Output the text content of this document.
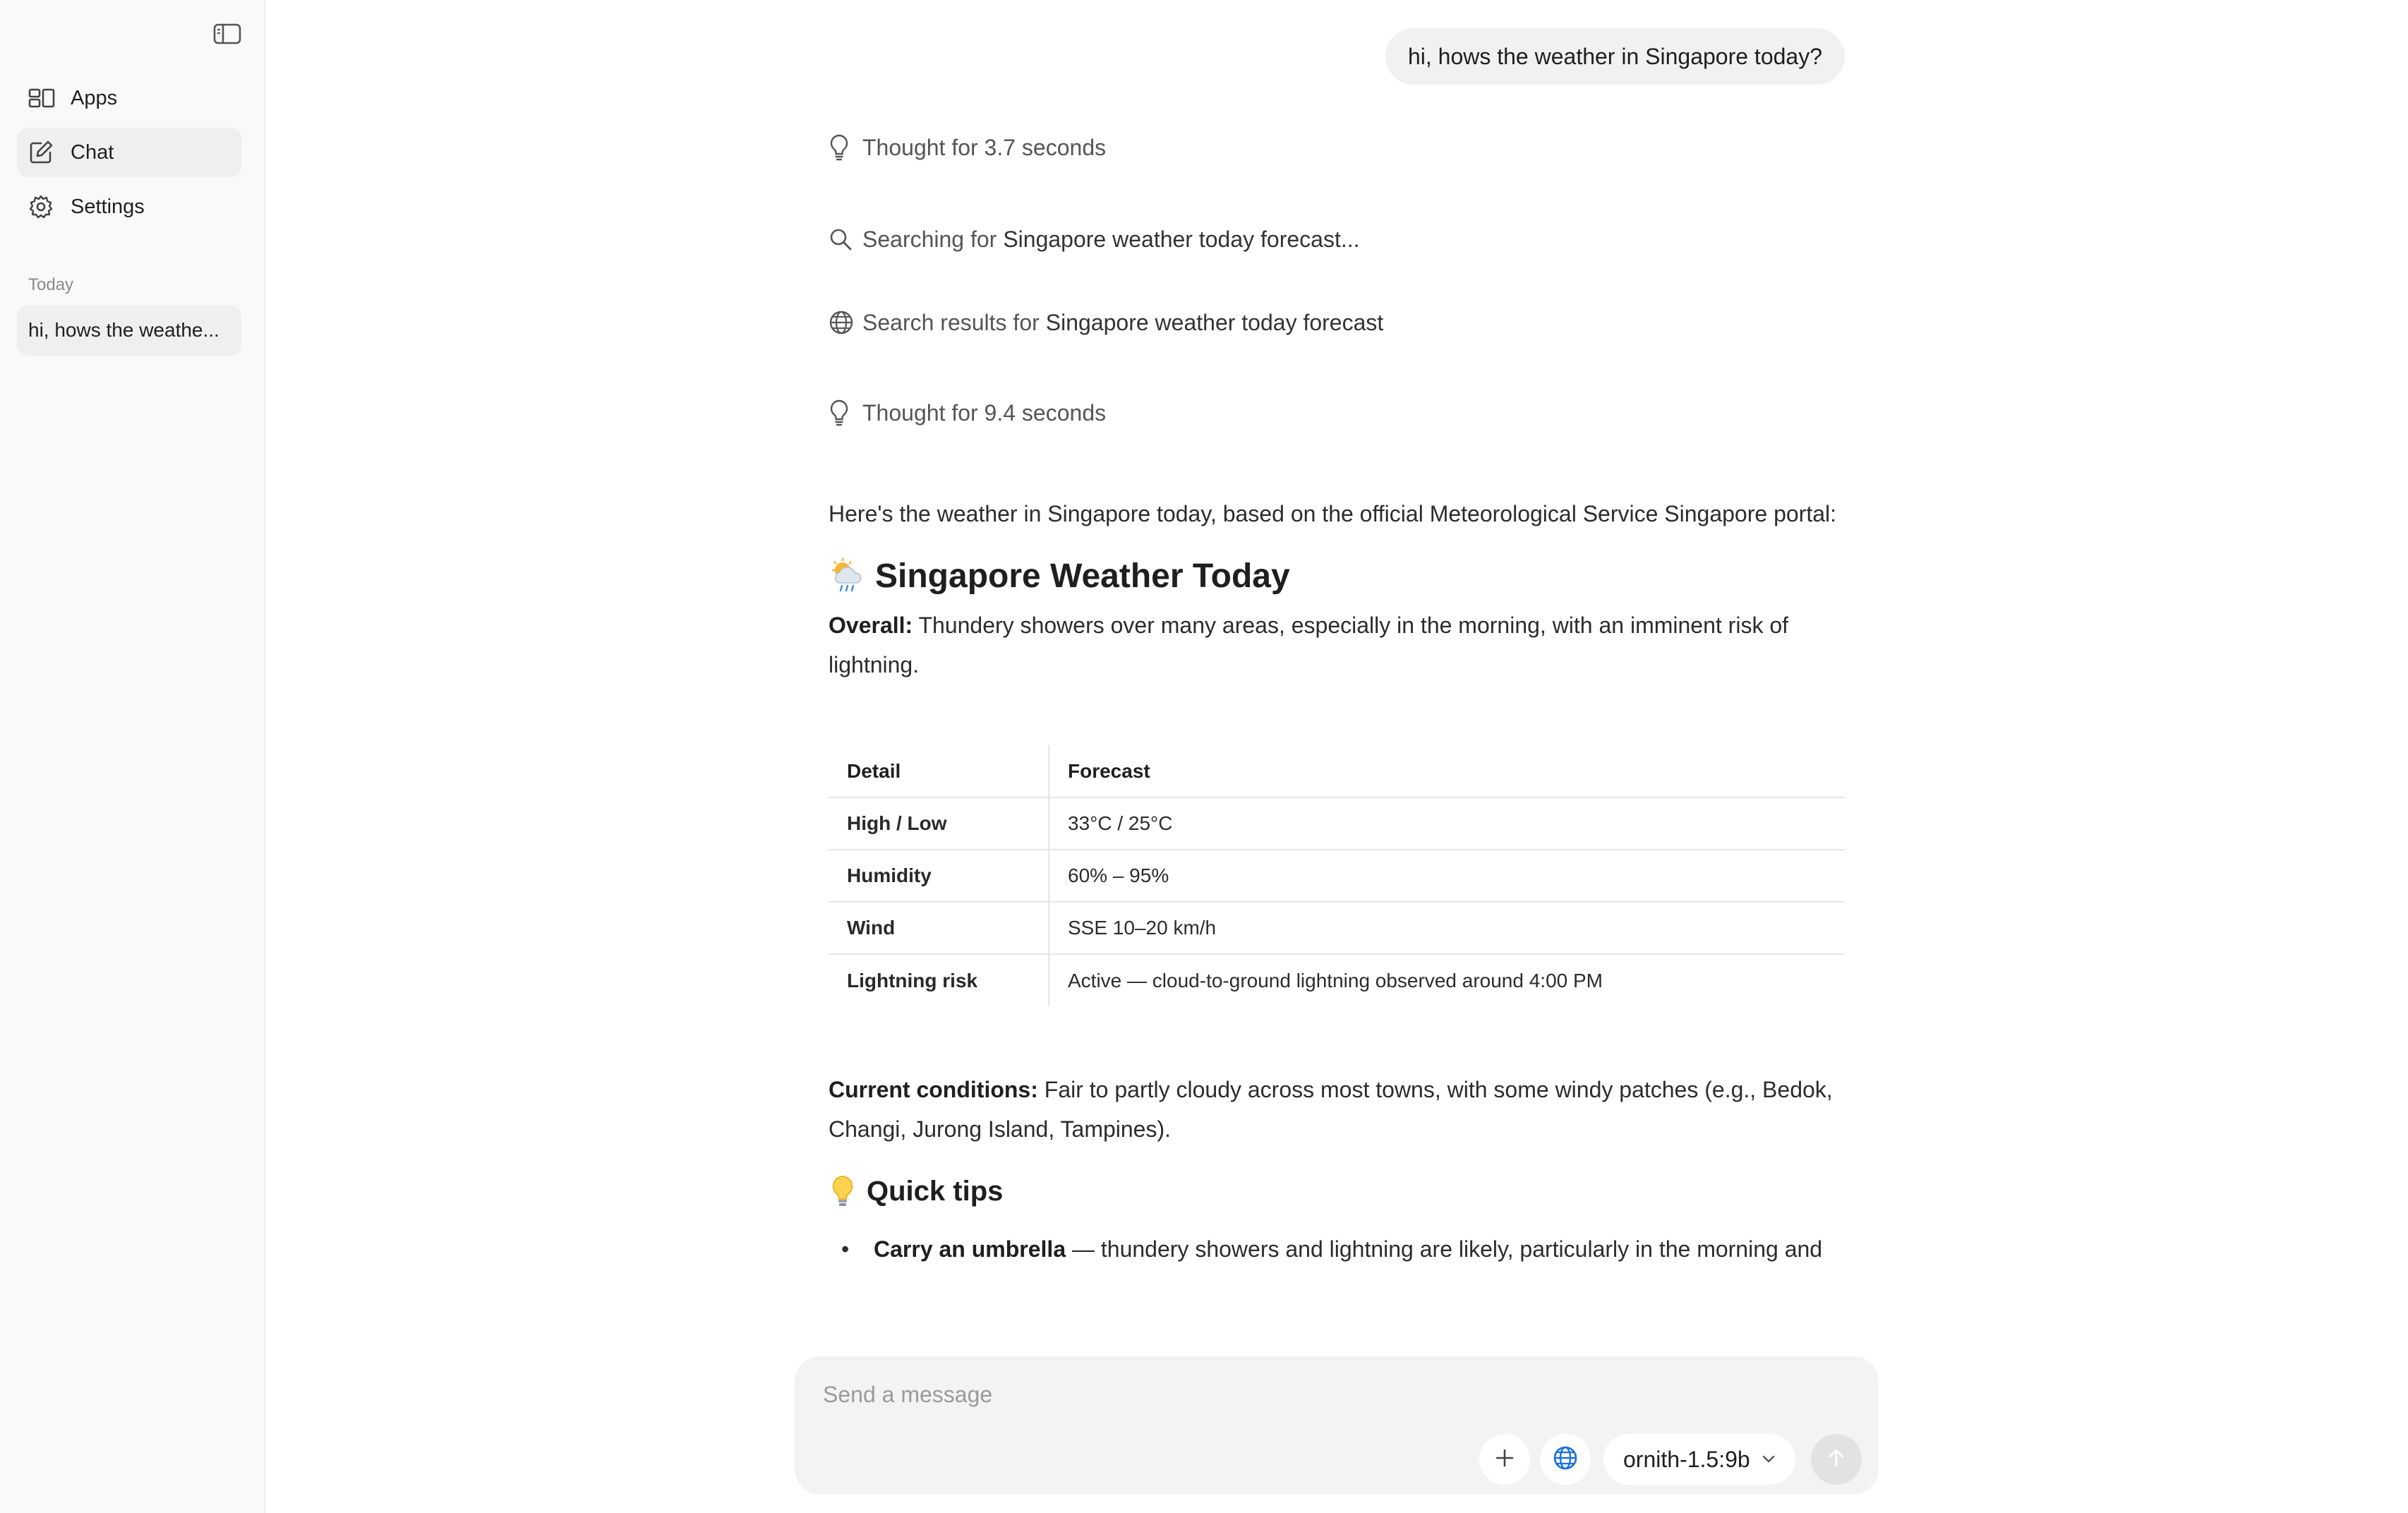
Apps
Chat
Settings
Today
hi, hows the weathe...
hi, hows the weather in Singapore today?
Thought for 3.7 seconds
Searching for Singapore weather today forecast...
Search results for Singapore weather today forecast
Thought for 9.4 seconds

Here's the weather in Singapore today, based on the official Meteorological Service Singapore portal:

Singapore Weather Today

Overall: Thundery showers over many areas, especially in the morning, with an imminent risk of lightning.

Detail	Forecast
High / Low	33°C / 25°C
Humidity	60% – 95%
Wind	SSE 10–20 km/h
Lightning risk	Active — cloud-to-ground lightning observed around 4:00 PM

Current conditions: Fair to partly cloudy across most towns, with some windy patches (e.g., Bedok, Changi, Jurong Island, Tampines).

Quick tips
•	Carry an umbrella — thundery showers and lightning are likely, particularly in the morning and
Send a message
ornith-1.5:9b
